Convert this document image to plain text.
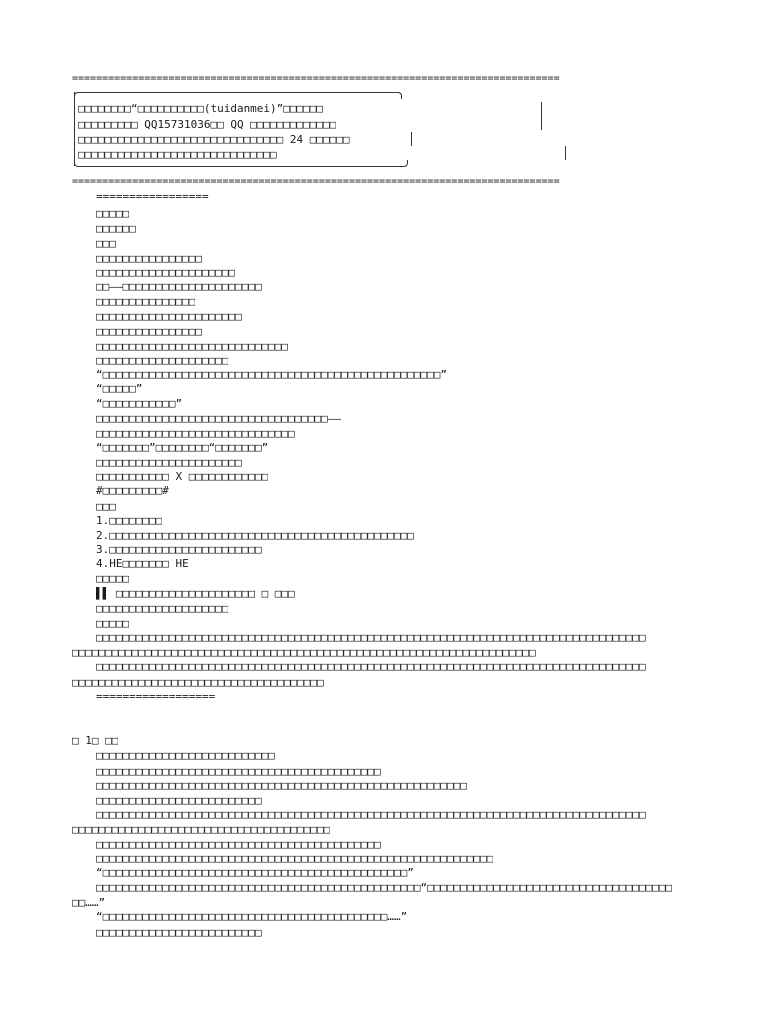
=================================================================================
□□□□□□□□“□□□□□□□□□□(tuidanmei)”□□□□□□
□□□□□□□□□ QQ15731036□□ QQ □□□□□□□□□□□□□
□□□□□□□□□□□□□□□□□□□□□□□□□□□□□□□ 24 □□□□□□
□□□□□□□□□□□□□□□□□□□□□□□□□□□□□□
=================================================================================
=================
□□□□□
□□□□□□
□□□
□□□□□□□□□□□□□□□□
□□□□□□□□□□□□□□□□□□□□□
□□——□□□□□□□□□□□□□□□□□□□□□
□□□□□□□□□□□□□□□
□□□□□□□□□□□□□□□□□□□□□□
□□□□□□□□□□□□□□□□
□□□□□□□□□□□□□□□□□□□□□□□□□□□□□
□□□□□□□□□□□□□□□□□□□□
“□□□□□□□□□□□□□□□□□□□□□□□□□□□□□□□□□□□□□□□□□□□□□□□□□□□”
“□□□□□”
“□□□□□□□□□□□”
□□□□□□□□□□□□□□□□□□□□□□□□□□□□□□□□□□□——
□□□□□□□□□□□□□□□□□□□□□□□□□□□□□□
“□□□□□□□”□□□□□□□□“□□□□□□□”
□□□□□□□□□□□□□□□□□□□□□□
□□□□□□□□□□□ X □□□□□□□□□□□□
#□□□□□□□□□#
□□□
1.□□□□□□□□
2.□□□□□□□□□□□□□□□□□□□□□□□□□□□□□□□□□□□□□□□□□□□□□□
3.□□□□□□□□□□□□□□□□□□□□□□□
4.HE□□□□□□□ HE
□□□□□
▌▌ □□□□□□□□□□□□□□□□□□□□□ □ □□□
□□□□□□□□□□□□□□□□□□□□
□□□□□
□□□□□□□□□□□□□□□□□□□□□□□□□□□□□□□□□□□□□□□□□□□□□□□□□□□□□□□□□□□□□□□□□□□□□□□□□□□□□□□□□□□
□□□□□□□□□□□□□□□□□□□□□□□□□□□□□□□□□□□□□□□□□□□□□□□□□□□□□□□□□□□□□□□□□□□□□□
□□□□□□□□□□□□□□□□□□□□□□□□□□□□□□□□□□□□□□□□□□□□□□□□□□□□□□□□□□□□□□□□□□□□□□□□□□□□□□□□□□□
□□□□□□□□□□□□□□□□□□□□□□□□□□□□□□□□□□□□□□
==================
□ 1□ □□
□□□□□□□□□□□□□□□□□□□□□□□□□□□
□□□□□□□□□□□□□□□□□□□□□□□□□□□□□□□□□□□□□□□□□□□
□□□□□□□□□□□□□□□□□□□□□□□□□□□□□□□□□□□□□□□□□□□□□□□□□□□□□□□□
□□□□□□□□□□□□□□□□□□□□□□□□□
□□□□□□□□□□□□□□□□□□□□□□□□□□□□□□□□□□□□□□□□□□□□□□□□□□□□□□□□□□□□□□□□□□□□□□□□□□□□□□□□□□□
□□□□□□□□□□□□□□□□□□□□□□□□□□□□□□□□□□□□□□□
□□□□□□□□□□□□□□□□□□□□□□□□□□□□□□□□□□□□□□□□□□□
□□□□□□□□□□□□□□□□□□□□□□□□□□□□□□□□□□□□□□□□□□□□□□□□□□□□□□□□□□□□
“□□□□□□□□□□□□□□□□□□□□□□□□□□□□□□□□□□□□□□□□□□□□□□”
□□□□□□□□□□□□□□□□□□□□□□□□□□□□□□□□□□□□□□□□□□□□□□□□□“□□□□□□□□□□□□□□□□□□□□□□□□□□□□□□□□□□□□□
□□……”
“□□□□□□□□□□□□□□□□□□□□□□□□□□□□□□□□□□□□□□□□□□□……”
□□□□□□□□□□□□□□□□□□□□□□□□□
